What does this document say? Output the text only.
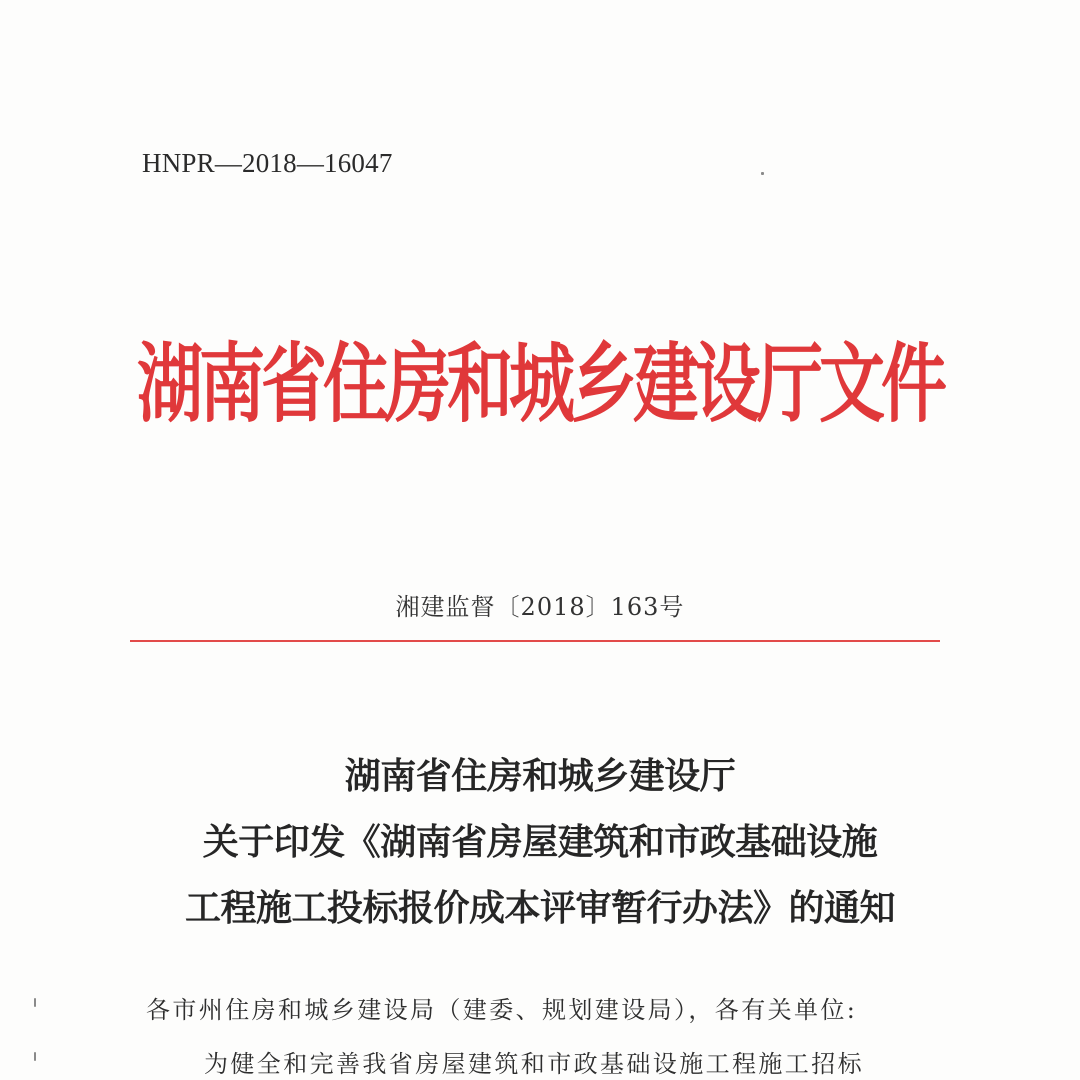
HNPR—2018—16047
湖南省住房和城乡建设厅文件
湘建监督〔2018〕163号
湖南省住房和城乡建设厅
关于印发《湖南省房屋建筑和市政基础设施
工程施工投标报价成本评审暂行办法》的通知
各市州住房和城乡建设局（建委、规划建设局），各有关单位:
为健全和完善我省房屋建筑和市政基础设施工程施工招标
